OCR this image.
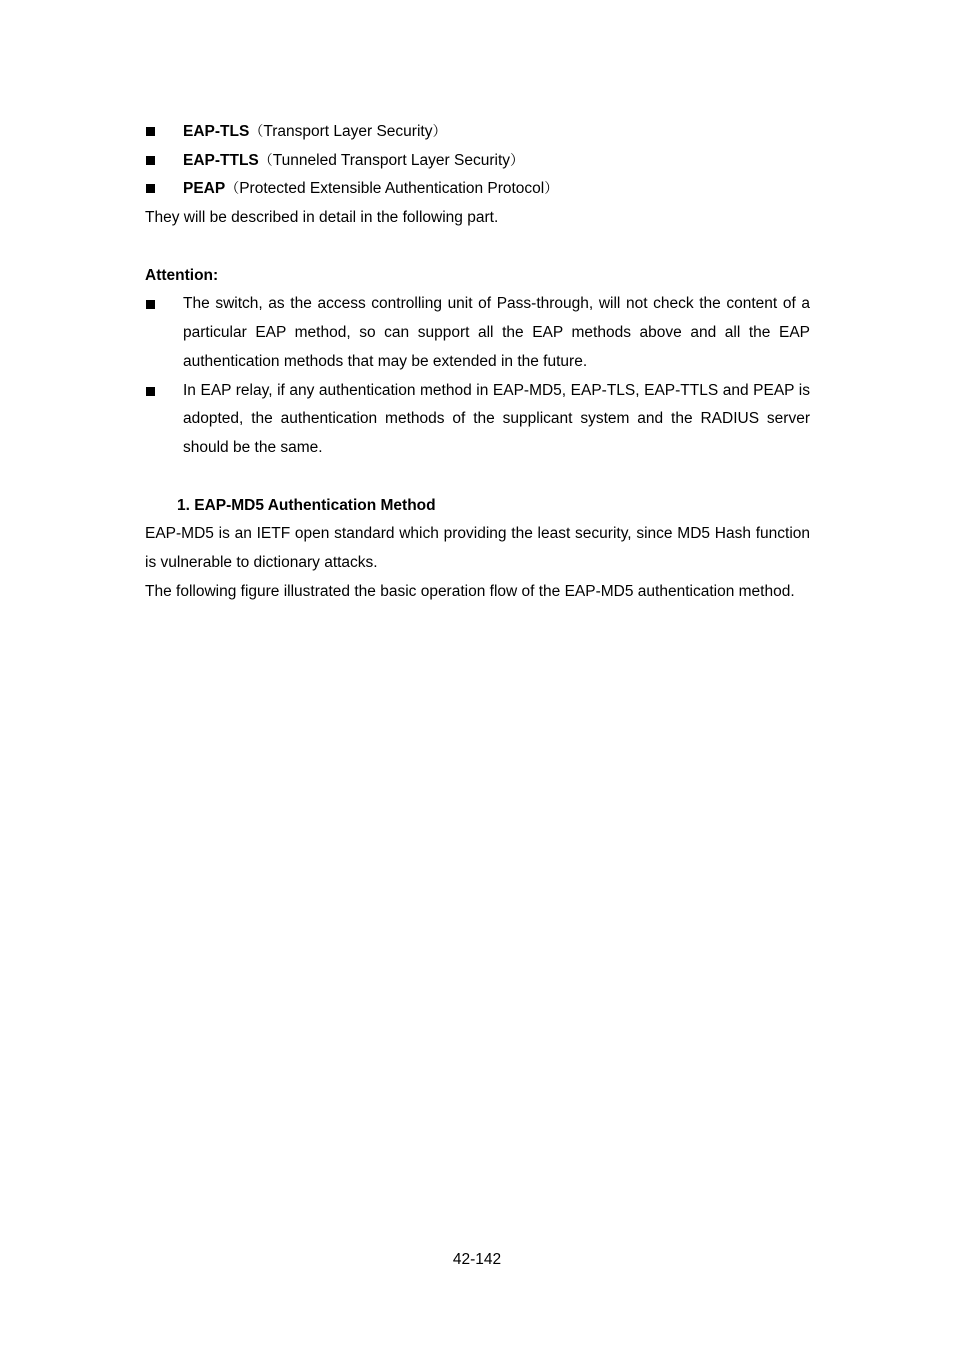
EAP-TLS（Transport Layer Security）
EAP-TTLS（Tunneled Transport Layer Security）
PEAP（Protected Extensible Authentication Protocol）

They will be described in detail in the following part.

Attention:

The switch, as the access controlling unit of Pass-through, will not check the content of a particular EAP method, so can support all the EAP methods above and all the EAP authentication methods that may be extended in the future.
In EAP relay, if any authentication method in EAP-MD5, EAP-TLS, EAP-TTLS and PEAP is adopted, the authentication methods of the supplicant system and the RADIUS server should be the same.

1. EAP-MD5 Authentication Method

EAP-MD5 is an IETF open standard which providing the least security, since MD5 Hash function is vulnerable to dictionary attacks.

The following figure illustrated the basic operation flow of the EAP-MD5 authentication method.

42-142
